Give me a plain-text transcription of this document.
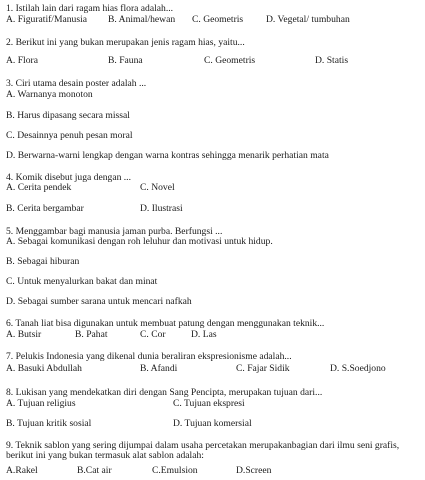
1. Istilah lain dari ragam hias flora adalah...
A. Figuratif/Manusia B. Animal/hewan C. Geometris D. Vegetal/ tumbuhan
2. Berikut ini yang bukan merupakan jenis ragam hias, yaitu...
A. Flora	B. Fauna	C. Geometris	D. Statis
3. Ciri utama desain poster adalah ...
A. Warnanya monoton
B. Harus dipasang secara missal
C. Desainnya penuh pesan moral
D. Berwarna-warni lengkap dengan warna kontras sehingga menarik perhatian mata
4. Komik disebut juga dengan ...
A. Cerita pendek	C. Novel
B. Cerita bergambar	D. Ilustrasi
5. Menggambar bagi manusia jaman purba. Berfungsi ...
A. Sebagai komunikasi dengan roh leluhur dan motivasi untuk hidup.
B. Sebagai hiburan
C. Untuk menyalurkan bakat dan minat
D. Sebagai sumber sarana untuk mencari nafkah
6. Tanah liat bisa digunakan untuk membuat patung dengan menggunakan teknik...
A. Butsir	B. Pahat	C. Cor	D. Las
7. Pelukis Indonesia yang dikenal dunia beraliran ekspresionisme adalah...
A. Basuki Abdullah	B. Afandi	C. Fajar Sidik	D. S.Soedjono
8. Lukisan yang mendekatkan diri dengan Sang Pencipta, merupakan tujuan dari...
A. Tujuan religius	C. Tujuan ekspresi
B. Tujuan kritik sosial	D. Tujuan komersial
9. Teknik sablon yang sering dijumpai dalam usaha percetakan merupakanbagian dari ilmu seni grafis, berikut ini yang bukan termasuk alat sablon adalah:
A.Rakel	B.Cat air	C.Emulsion	D.Screen
